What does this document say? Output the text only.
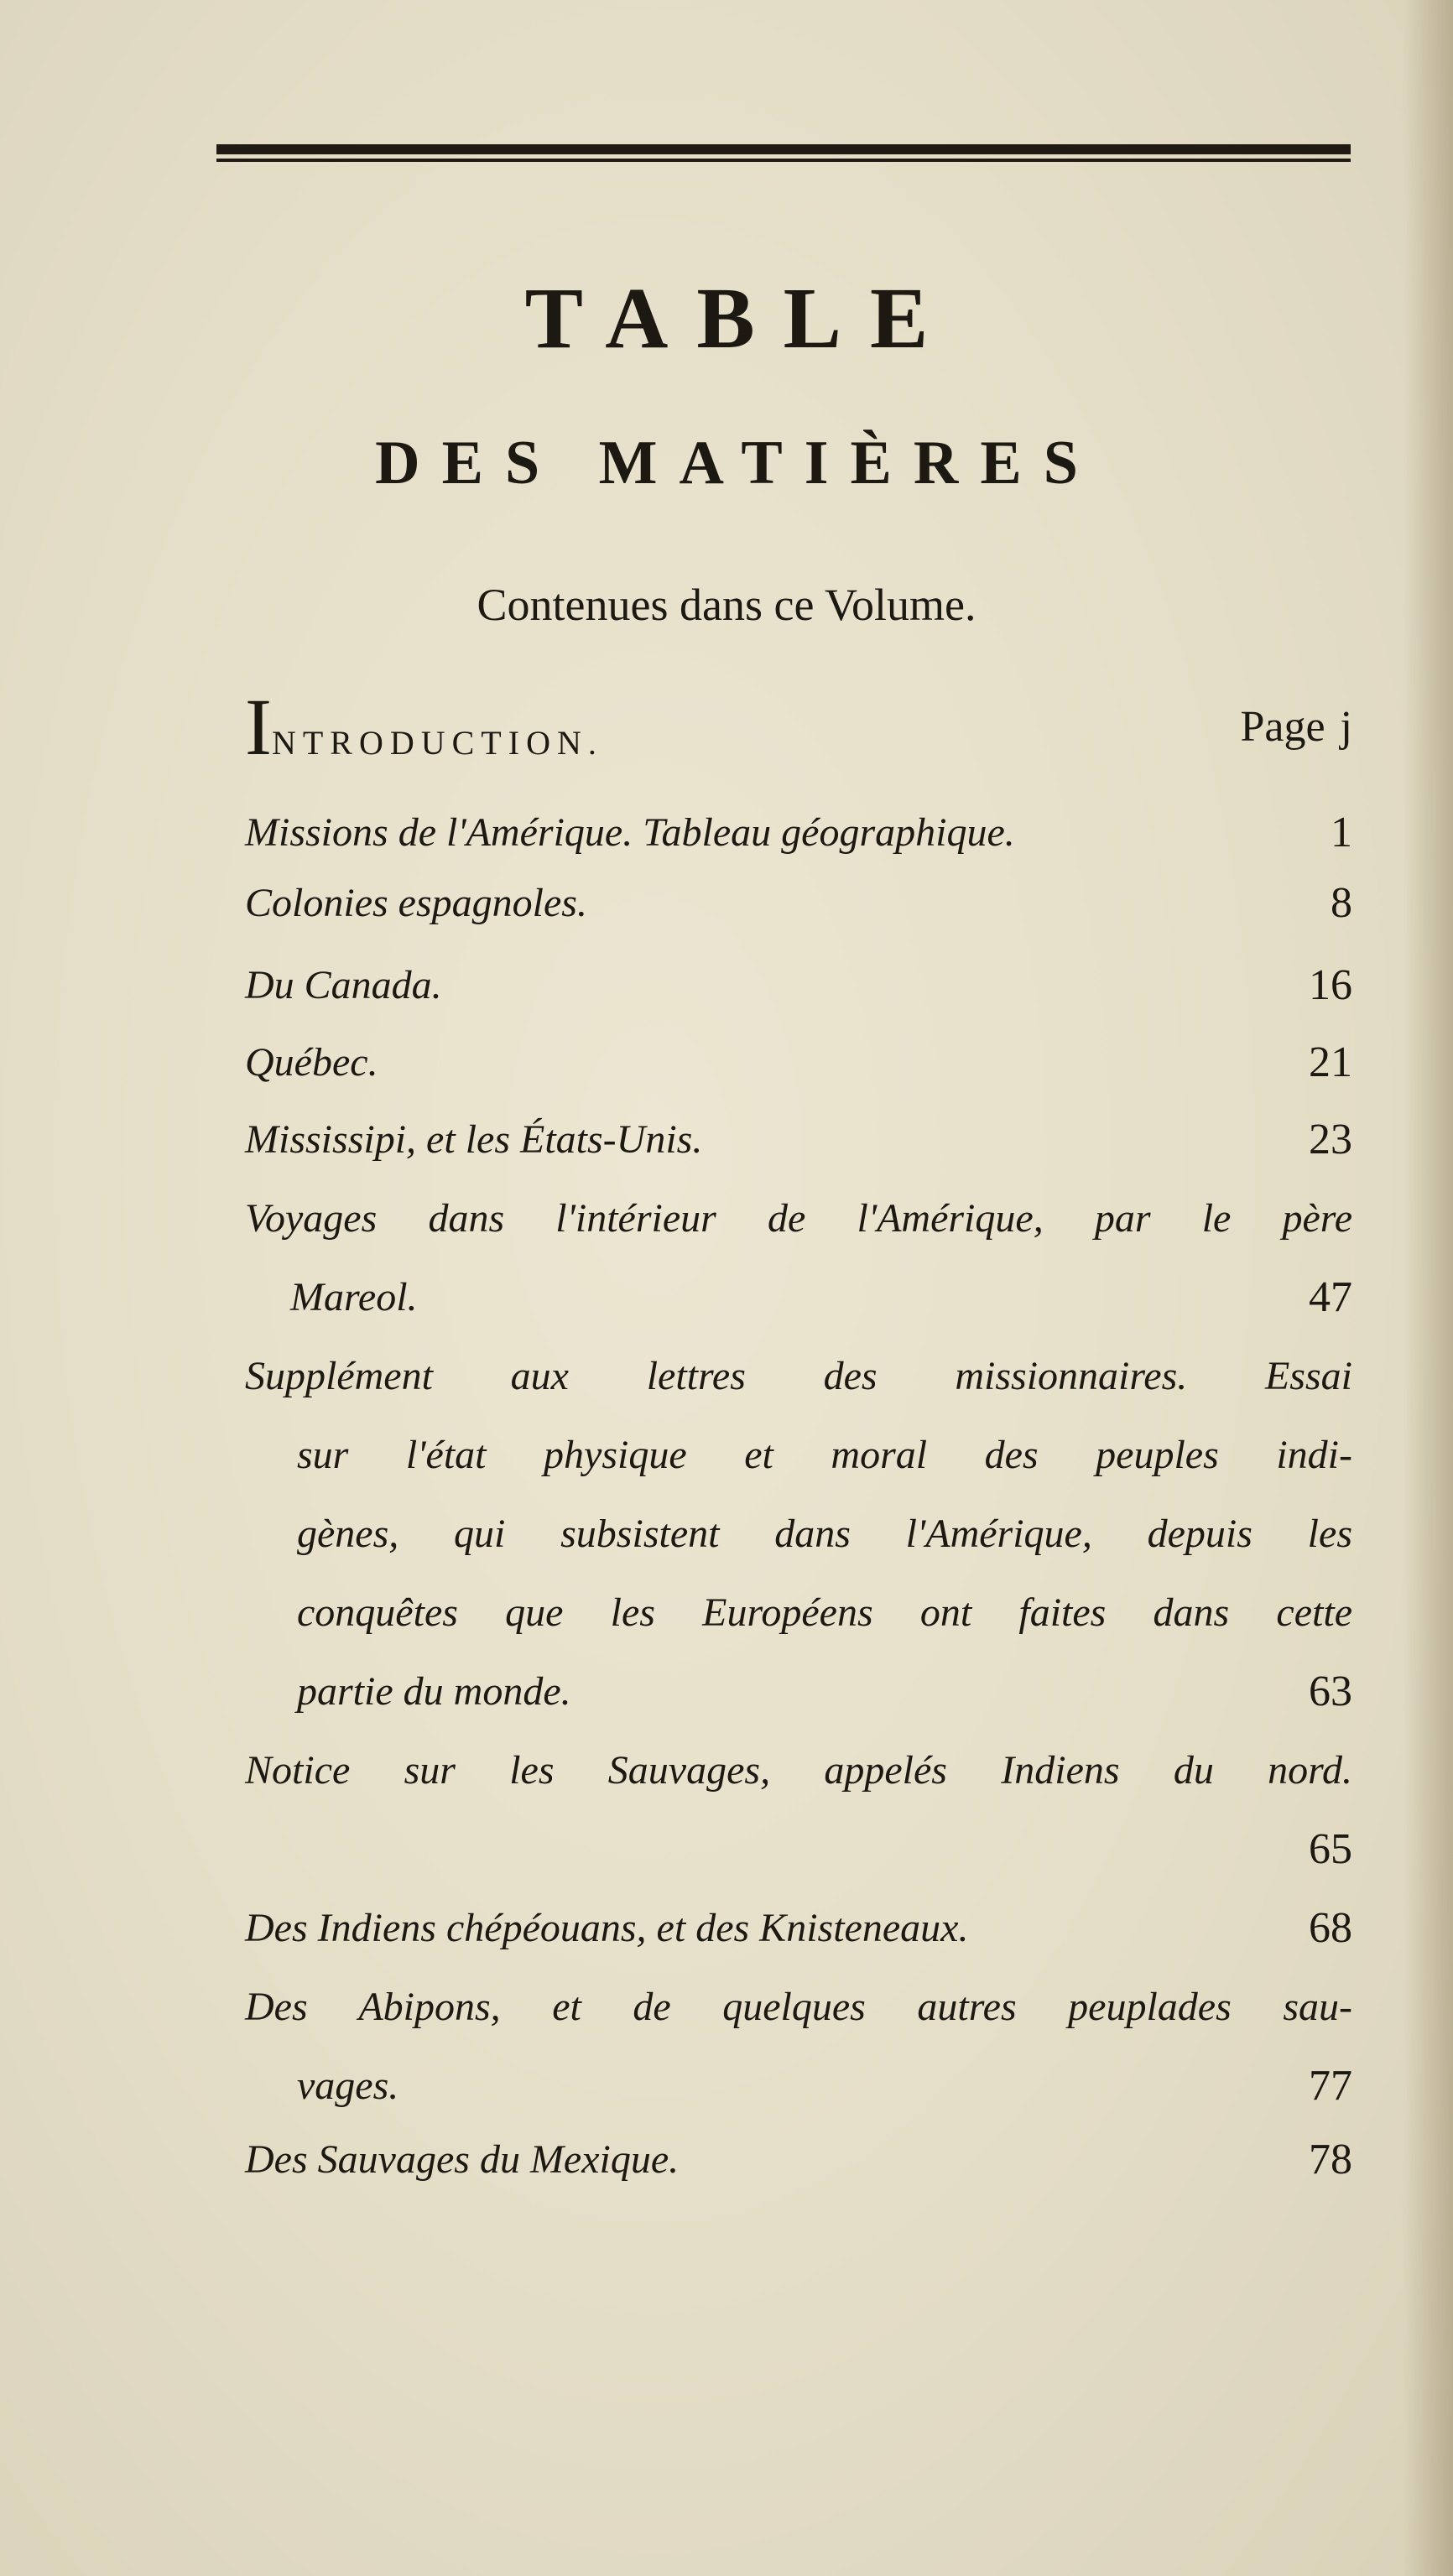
TABLE
DES MATIÈRES
Contenues dans ce Volume.
INTRODUCTION.	Page j
Missions de l'Amérique. Tableau géographique.	1
Colonies espagnoles.	8
Du Canada.	16
Québec.	21
Mississipi, et les États-Unis.	23
Voyages dans l'intérieur de l'Amérique, par le père
Mareol.	47
Supplément aux lettres des missionnaires. Essai
sur l'état physique et moral des peuples indi-
gènes, qui subsistent dans l'Amérique, depuis les
conquêtes que les Européens ont faites dans cette
partie du monde.	63
Notice sur les Sauvages, appelés Indiens du nord.
65
Des Indiens chépéouans, et des Knisteneaux.	68
Des Abipons, et de quelques autres peuplades sau-
vages.	77
Des Sauvages du Mexique.	78
